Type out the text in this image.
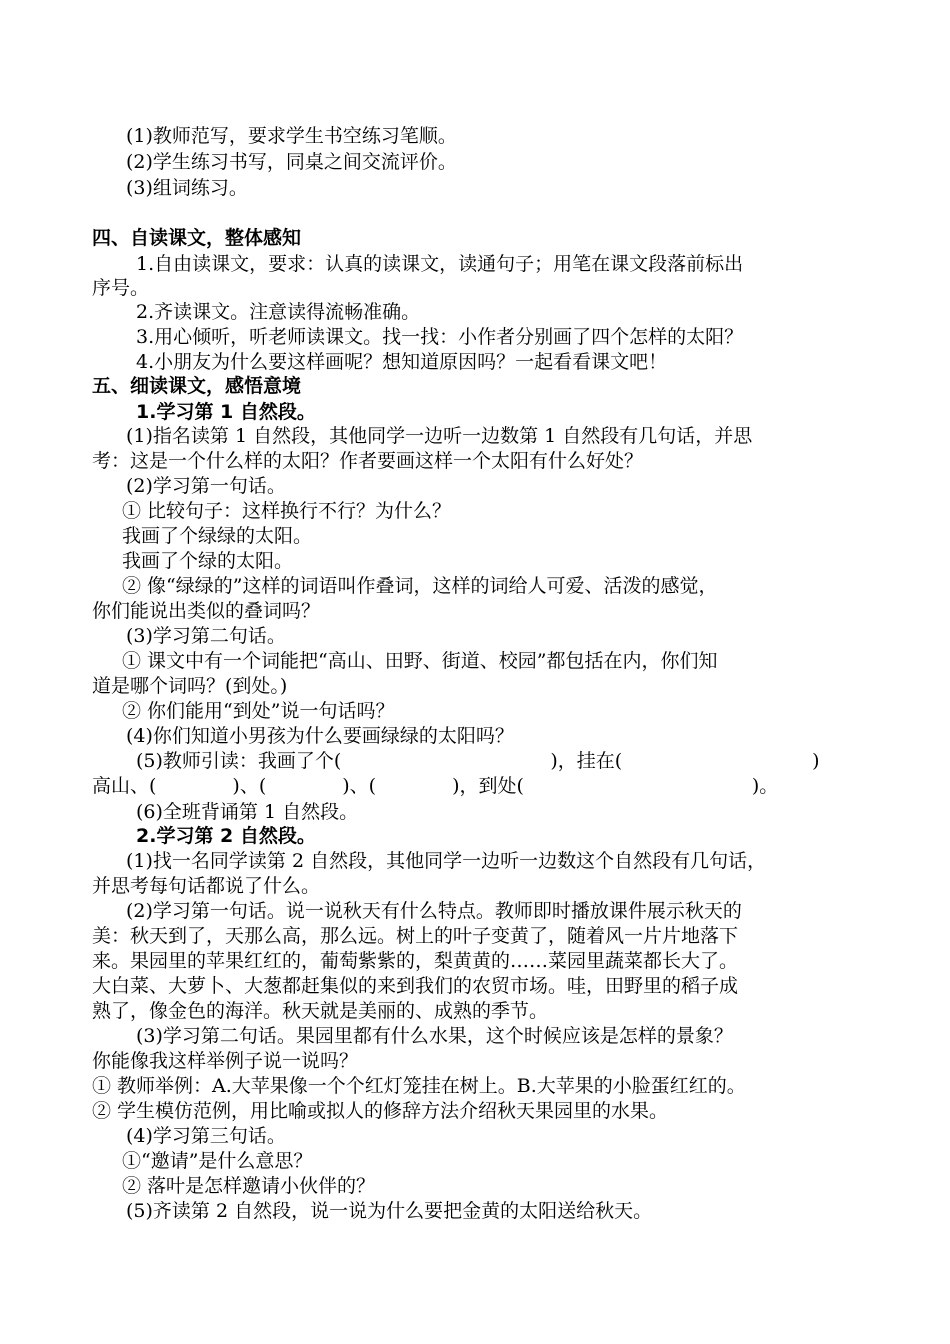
(1)教师范写，要求学生书空练习笔顺。
(2)学生练习书写，同桌之间交流评价。
(3)组词练习。
四、自读课文，整体感知
1.自由读课文，要求：认真的读课文，读通句子；用笔在课文段落前标出
序号。
2.齐读课文。注意读得流畅准确。
3.用心倾听，听老师读课文。找一找：小作者分别画了四个怎样的太阳？
4.小朋友为什么要这样画呢？想知道原因吗？一起看看课文吧！
五、细读课文，感悟意境
1.学习第 1 自然段。
(1)指名读第 1 自然段，其他同学一边听一边数第 1 自然段有几句话，并思
考：这是一个什么样的太阳？作者要画这样一个太阳有什么好处？
(2)学习第一句话。
① 比较句子：这样换行不行？为什么？
我画了个绿绿的太阳。
我画了个绿的太阳。
② 像“绿绿的”这样的词语叫作叠词，这样的词给人可爱、活泼的感觉，
你们能说出类似的叠词吗？
(3)学习第二句话。
① 课文中有一个词能把“高山、田野、街道、校园”都包括在内，你们知
道是哪个词吗？(到处。)
② 你们能用“到处”说一句话吗？
(4)你们知道小男孩为什么要画绿绿的太阳吗？
(5)教师引读：我画了个(　　　　　　　　　　　)，挂在(　　　　　　　　　　)
高山、(　　　　)、(　　　　)、(　　　　)，到处(　　　　　　　　　　　　)。
(6)全班背诵第 1 自然段。
2.学习第 2 自然段。
(1)找一名同学读第 2 自然段，其他同学一边听一边数这个自然段有几句话，
并思考每句话都说了什么。
(2)学习第一句话。说一说秋天有什么特点。教师即时播放课件展示秋天的
美：秋天到了，天那么高，那么远。树上的叶子变黄了，随着风一片片地落下
来。果园里的苹果红红的，葡萄紫紫的，梨黄黄的……菜园里蔬菜都长大了。
大白菜、大萝卜、大葱都赶集似的来到我们的农贸市场。哇，田野里的稻子成
熟了，像金色的海洋。秋天就是美丽的、成熟的季节。
(3)学习第二句话。果园里都有什么水果，这个时候应该是怎样的景象？
你能像我这样举例子说一说吗？
① 教师举例：A.大苹果像一个个红灯笼挂在树上。B.大苹果的小脸蛋红红的。
② 学生模仿范例，用比喻或拟人的修辞方法介绍秋天果园里的水果。
(4)学习第三句话。
①“邀请”是什么意思？
② 落叶是怎样邀请小伙伴的？
(5)齐读第 2 自然段，说一说为什么要把金黄的太阳送给秋天。
